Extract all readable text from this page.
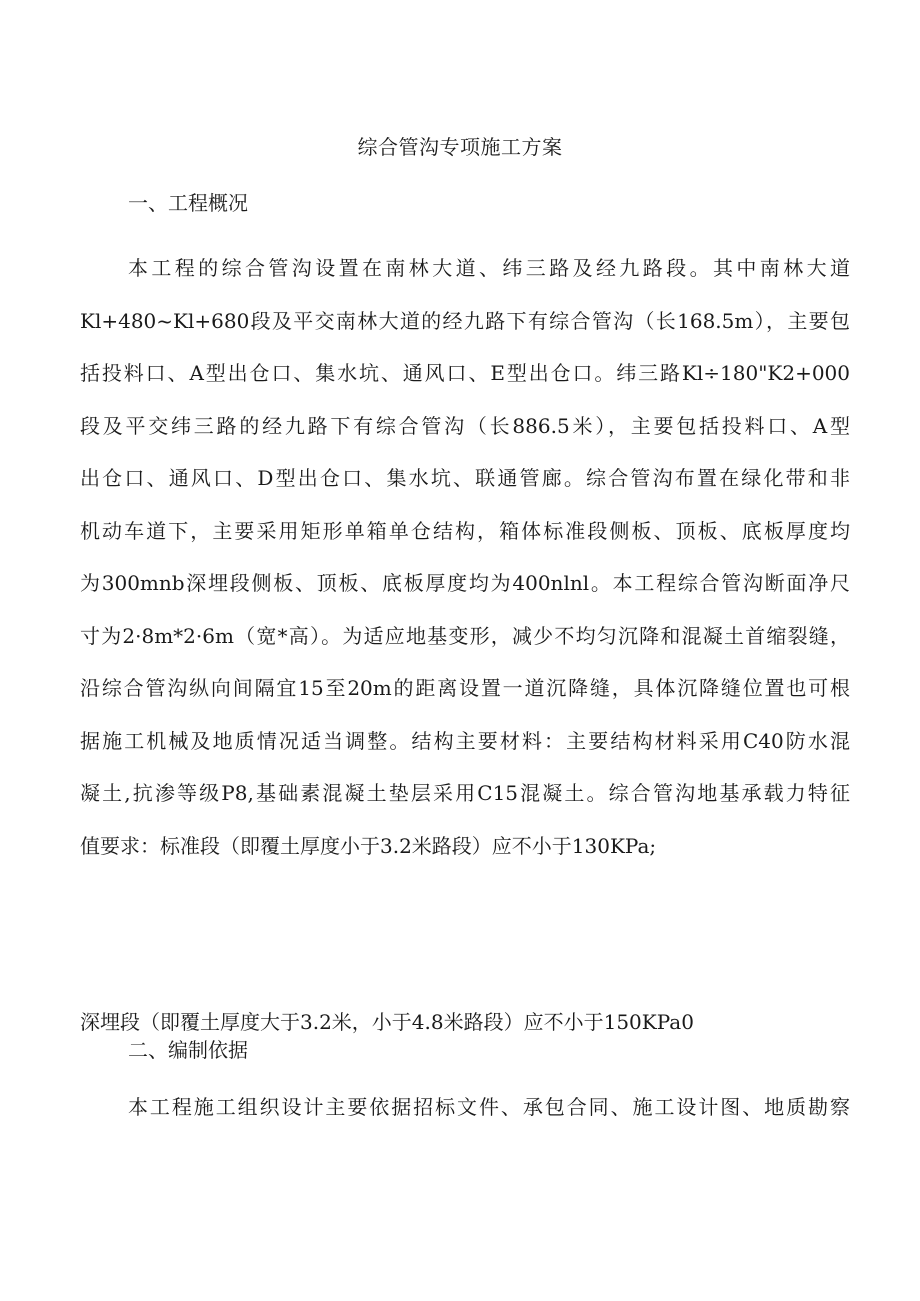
综合管沟专项施工方案
一、工程概况
本工程的综合管沟设置在南林大道、纬三路及经九路段。其中南林大道
Kl+480~Kl+680段及平交南林大道的经九路下有综合管沟（长168.5m），主要包
括投料口、A型出仓口、集水坑、通风口、E型出仓口。纬三路Kl÷180"K2+000
段及平交纬三路的经九路下有综合管沟（长886.5米），主要包括投料口、A型
出仓口、通风口、D型出仓口、集水坑、联通管廊。综合管沟布置在绿化带和非
机动车道下，主要采用矩形单箱单仓结构，箱体标准段侧板、顶板、底板厚度均
为300mnb深埋段侧板、顶板、底板厚度均为400nlnl。本工程综合管沟断面净尺
寸为2·8m*2·6m（宽*高）。为适应地基变形，减少不均匀沉降和混凝土首缩裂缝，
沿综合管沟纵向间隔宜15至20m的距离设置一道沉降缝，具体沉降缝位置也可根
据施工机械及地质情况适当调整。结构主要材料：主要结构材料采用C40防水混
凝土,抗渗等级P8,基础素混凝土垫层采用C15混凝土。综合管沟地基承载力特征
值要求：标准段（即覆土厚度小于3.2米路段）应不小于130KPa;
深埋段（即覆土厚度大于3.2米，小于4.8米路段）应不小于150KPa0
二、编制依据
本工程施工组织设计主要依据招标文件、承包合同、施工设计图、地质勘察
